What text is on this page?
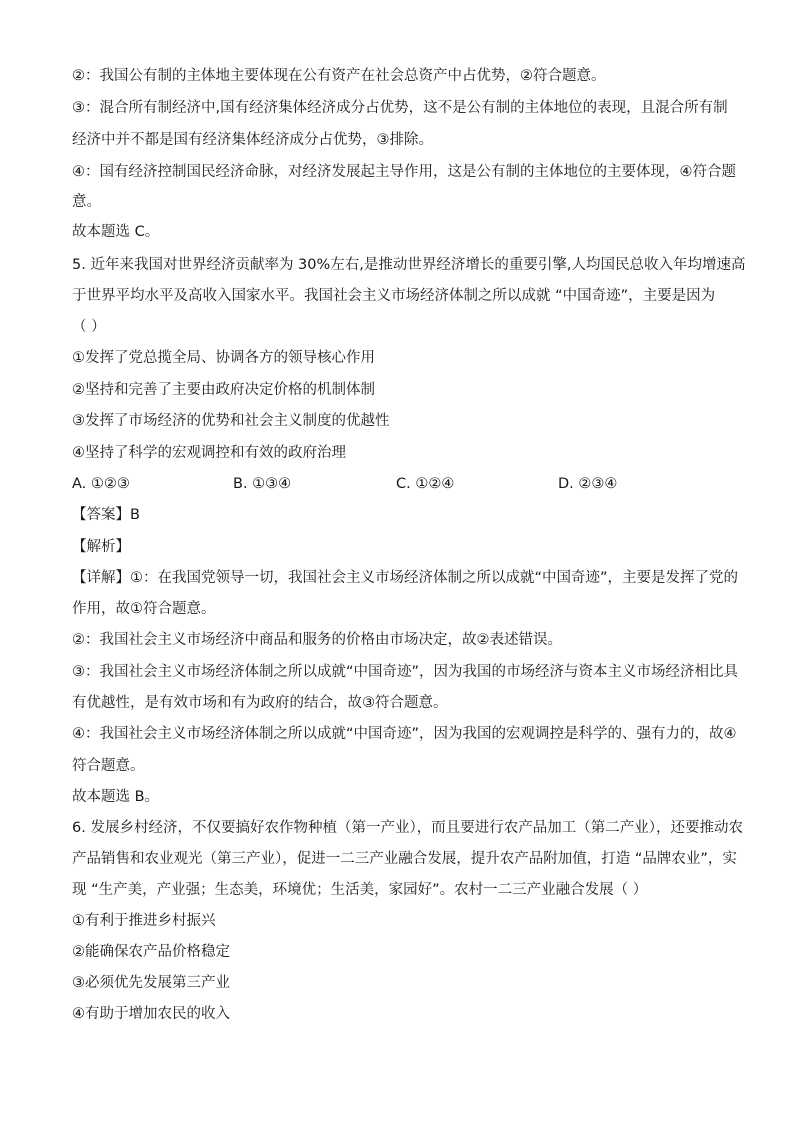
②：我国公有制的主体地主要体现在公有资产在社会总资产中占优势，②符合题意。
③：混合所有制经济中,国有经济集体经济成分占优势，这不是公有制的主体地位的表现，且混合所有制
经济中并不都是国有经济集体经济成分占优势，③排除。
④：国有经济控制国民经济命脉，对经济发展起主导作用，这是公有制的主体地位的主要体现，④符合题
意。
故本题选 C。
5. 近年来我国对世界经济贡献率为 30%左右,是推动世界经济增长的重要引擎,人均国民总收入年均增速高
于世界平均水平及高收入国家水平。我国社会主义市场经济体制之所以成就 “中国奇迹”，主要是因为
（ ）
①发挥了党总揽全局、协调各方的领导核心作用
②坚持和完善了主要由政府决定价格的机制体制
③发挥了市场经济的优势和社会主义制度的优越性
④坚持了科学的宏观调控和有效的政府治理
A. ①②③	B. ①③④	C. ①②④	D. ②③④
【答案】B
【解析】
【详解】①：在我国党领导一切，我国社会主义市场经济体制之所以成就“中国奇迹”，主要是发挥了党的
作用，故①符合题意。
②：我国社会主义市场经济中商品和服务的价格由市场决定，故②表述错误。
③：我国社会主义市场经济体制之所以成就“中国奇迹”，因为我国的市场经济与资本主义市场经济相比具
有优越性，是有效市场和有为政府的结合，故③符合题意。
④：我国社会主义市场经济体制之所以成就“中国奇迹”，因为我国的宏观调控是科学的、强有力的，故④
符合题意。
故本题选 B。
6. 发展乡村经济，不仅要搞好农作物种植（第一产业），而且要进行农产品加工（第二产业），还要推动农
产品销售和农业观光（第三产业），促进一二三产业融合发展，提升农产品附加值，打造 “品牌农业”，实
现 “生产美，产业强；生态美，环境优；生活美，家园好”。农村一二三产业融合发展（ ）
①有利于推进乡村振兴
②能确保农产品价格稳定
③必须优先发展第三产业
④有助于增加农民的收入
